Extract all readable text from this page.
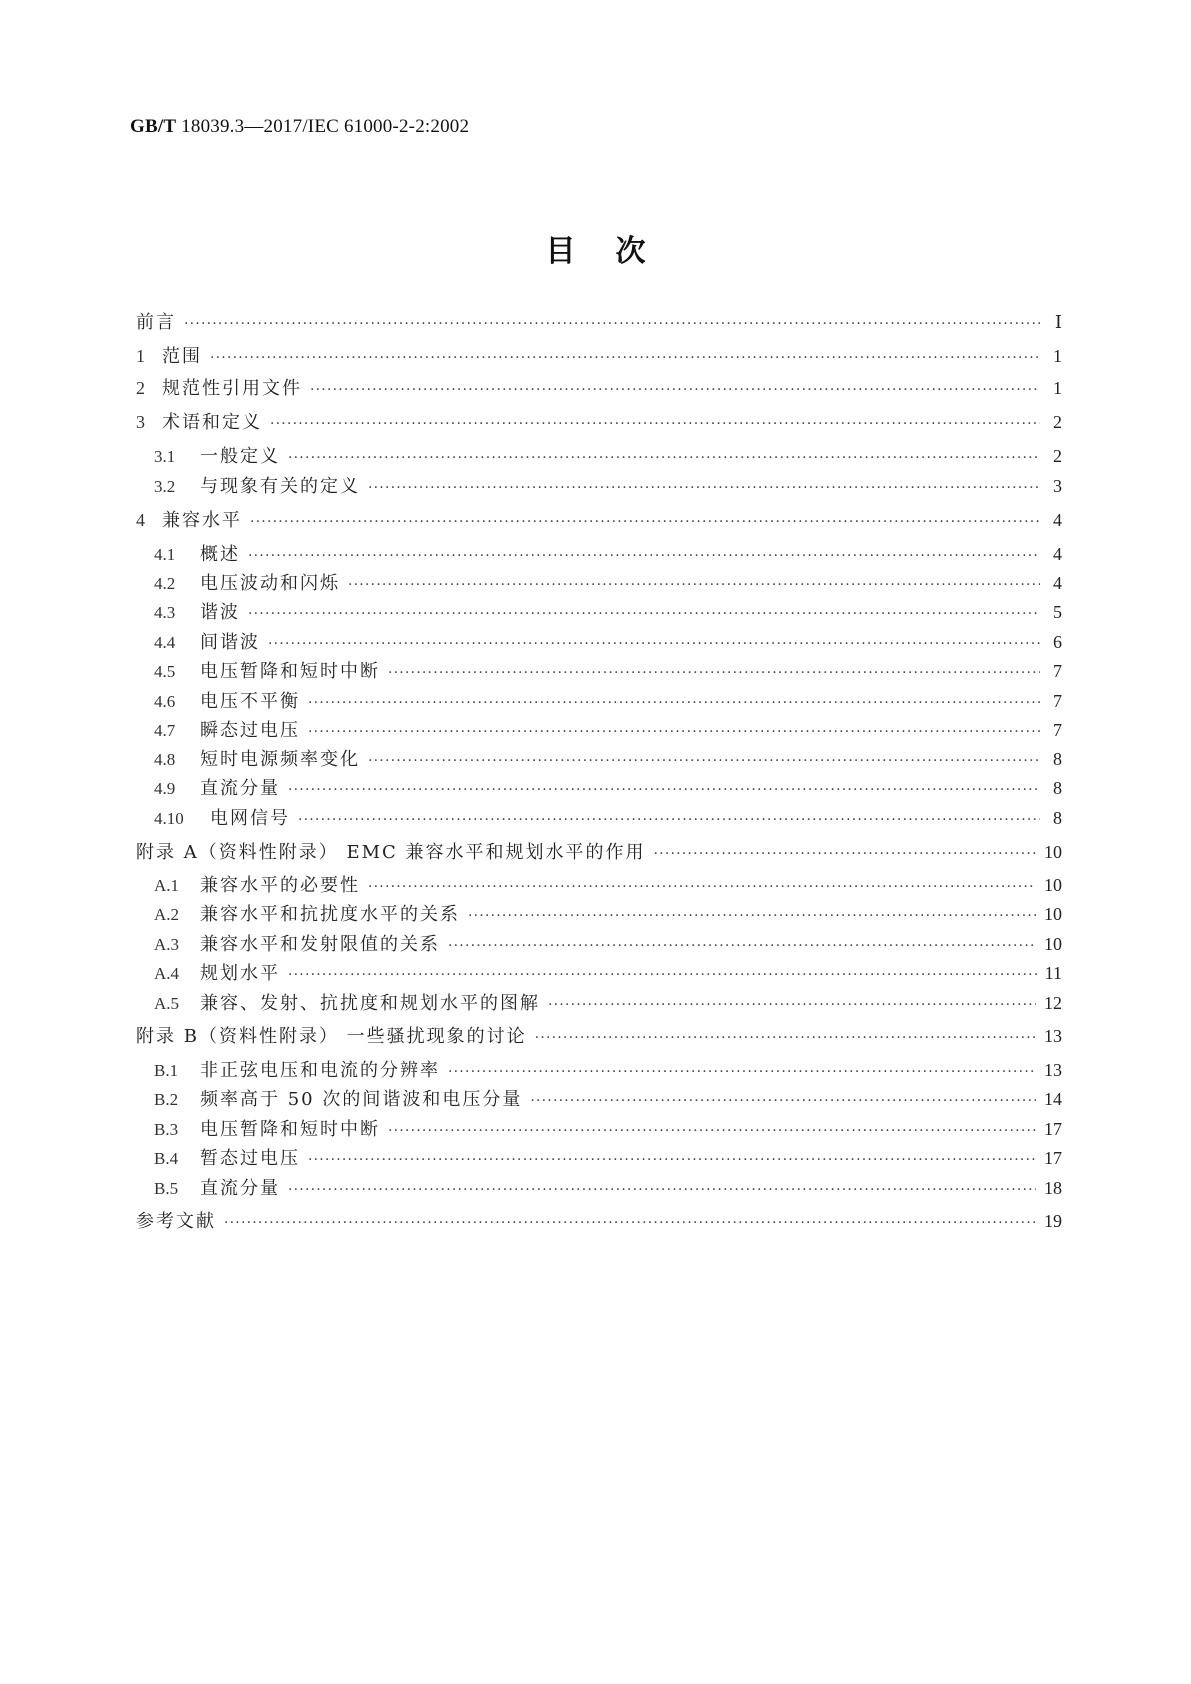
GB/T 18039.3—2017/IEC 61000-2-2:2002
目次
前言 ·····	Ⅰ
1 范围 ·····	1
2 规范性引用文件 ·····	1
3 术语和定义 ·····	2
3.1	一般定义 ·····	2
3.2	与现象有关的定义 ·····	3
4 兼容水平 ·····	4
4.1	概述 ·····	4
4.2	电压波动和闪烁 ·····	4
4.3	谐波 ·····	5
4.4	间谐波 ·····	6
4.5	电压暂降和短时中断 ·····	7
4.6	电压不平衡 ·····	7
4.7	瞬态过电压 ·····	7
4.8	短时电源频率变化 ·····	8
4.9	直流分量 ·····	8
4.10	电网信号 ·····	8
附录 A（资料性附录） EMC 兼容水平和规划水平的作用 ·····	10
A.1	兼容水平的必要性 ·····	10
A.2	兼容水平和抗扰度水平的关系 ·····	10
A.3	兼容水平和发射限值的关系 ·····	10
A.4	规划水平 ·····	11
A.5	兼容、发射、抗扰度和规划水平的图解 ·····	12
附录 B（资料性附录） 一些骚扰现象的讨论 ·····	13
B.1	非正弦电压和电流的分辨率 ·····	13
B.2	频率高于 50 次的间谐波和电压分量 ·····	14
B.3	电压暂降和短时中断 ·····	17
B.4	暂态过电压 ·····	17
B.5	直流分量 ·····	18
参考文献 ·····	19
